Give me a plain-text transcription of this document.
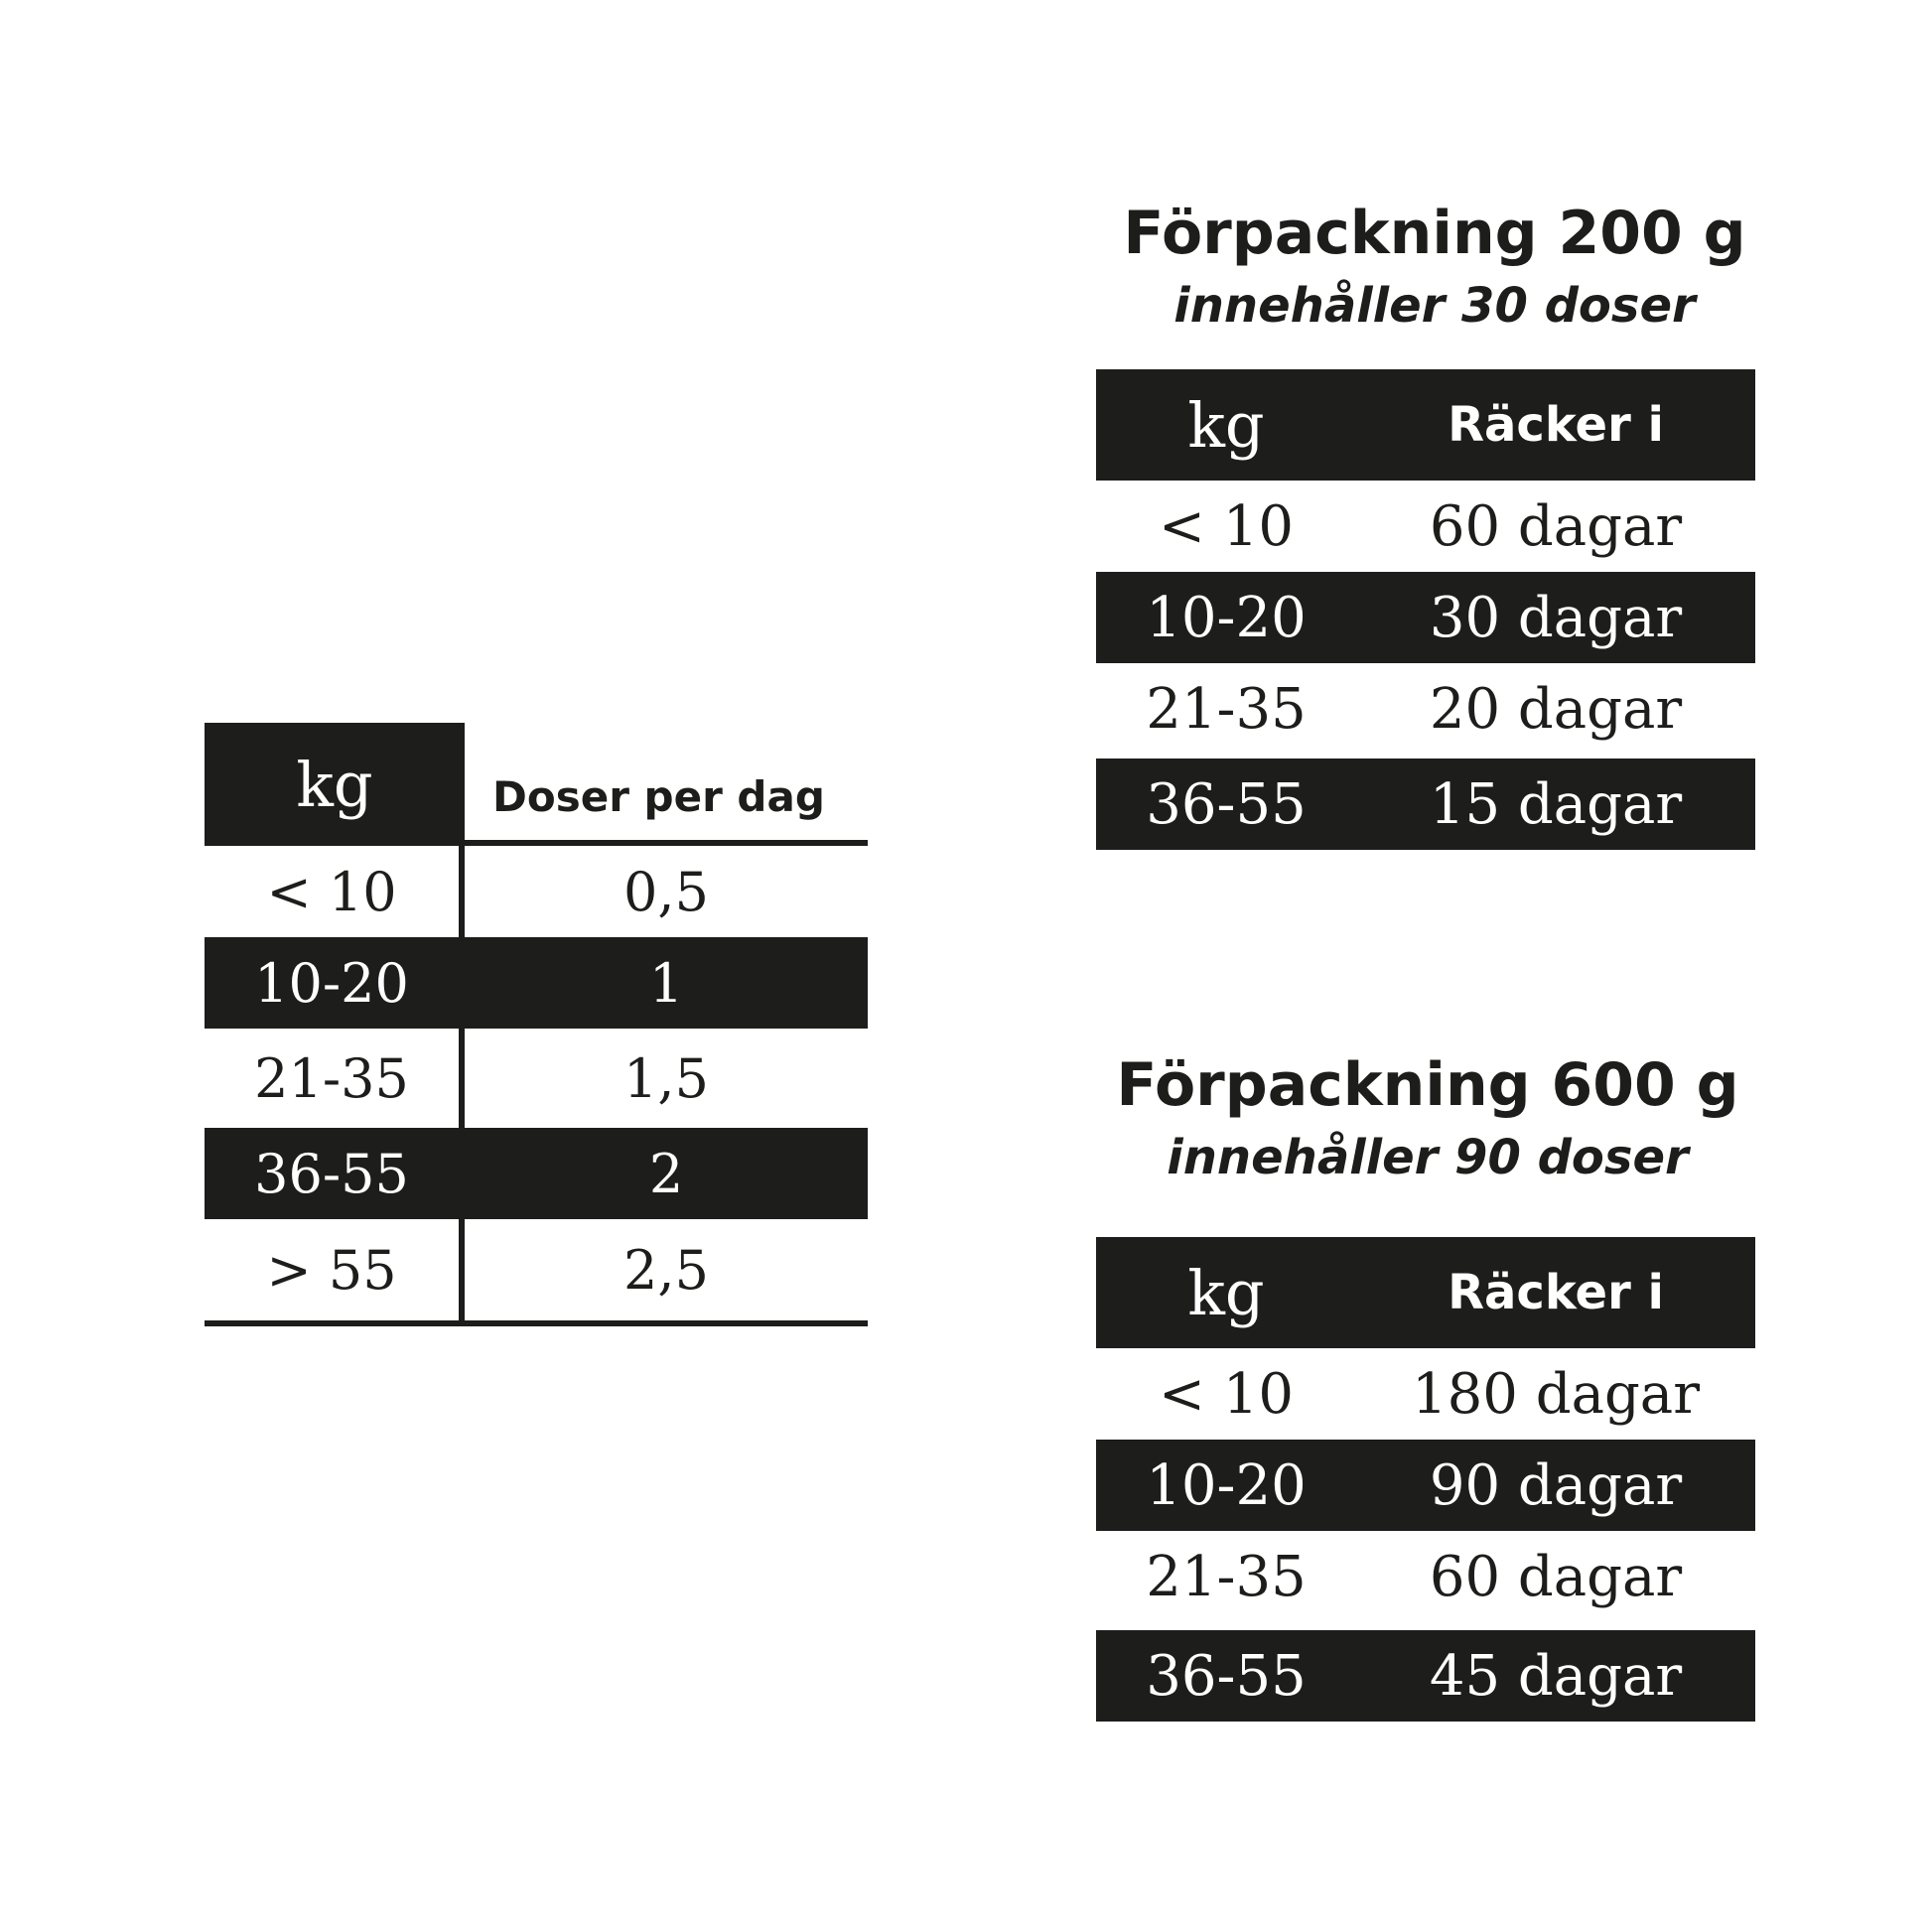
kg	Doser per dag
< 10	0,5
10-20	1
21-35	1,5
36-55	2
> 55	2,5
Förpackning 200 g
innehåller 30 doser
kg	Räcker i
< 10	60 dagar
10-20	30 dagar
21-35	20 dagar
36-55	15 dagar
Förpackning 600 g
innehåller 90 doser
kg	Räcker i
< 10	180 dagar
10-20	90 dagar
21-35	60 dagar
36-55	45 dagar
